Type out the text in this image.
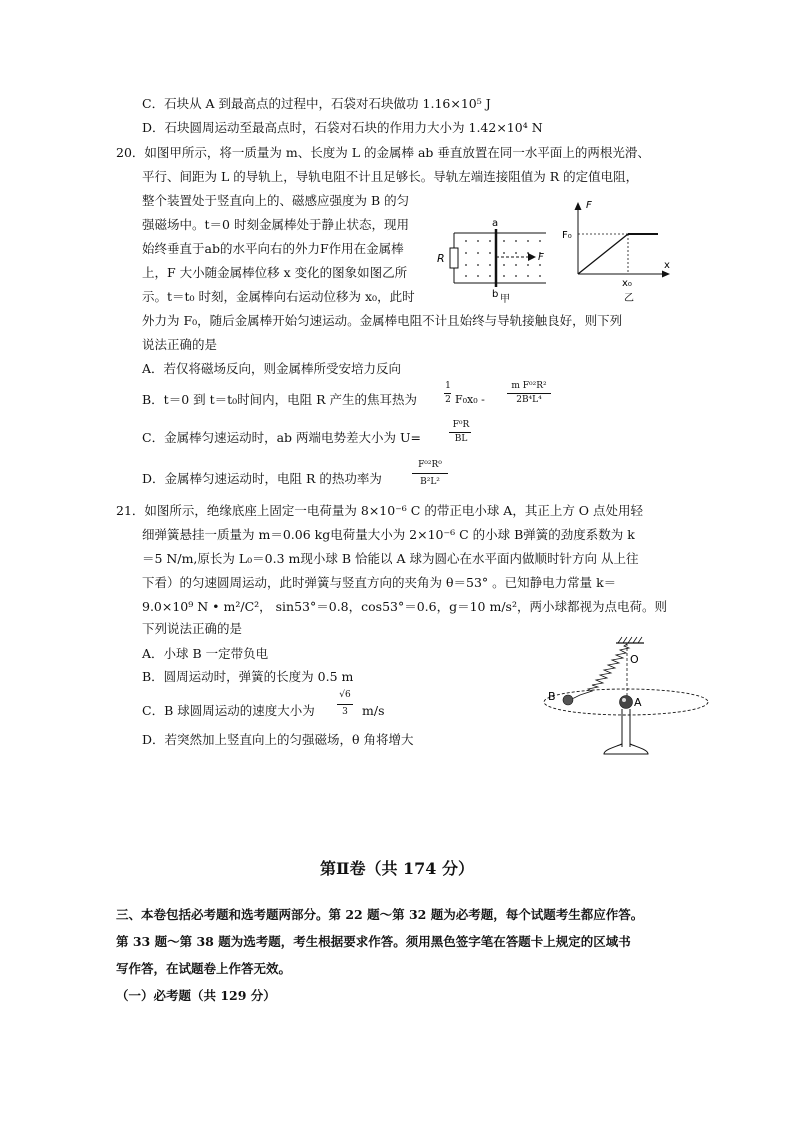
C．石块从 A 到最高点的过程中，石袋对石块做功 1.16×10⁵ J
D．石块圆周运动至最高点时，石袋对石块的作用力大小为 1.42×10⁴ N
20．如图甲所示，将一质量为 m、长度为 L 的金属棒 ab 垂直放置在同一水平面上的两根光滑、
平行、间距为 L 的导轨上，导轨电阻不计且足够长。导轨左端连接阻值为 R 的定值电阻，
整个装置处于竖直向上的、磁感应强度为 B 的匀
强磁场中。t＝0 时刻金属棒处于静止状态，现用
始终垂直于ab的水平向右的外力F作用在金属棒
上，F 大小随金属棒位移 x 变化的图象如图乙所
示。t＝t₀ 时刻，金属棒向右运动位移为 x₀，此时
外力为 F₀，随后金属棒开始匀速运动。金属棒电阻不计且始终与导轨接触良好，则下列
说法正确的是
a
b
R	F
甲
F
F₀
x
x₀
乙
A．若仅将磁场反向，则金属棒所受安培力反向
B．t＝0 到 t＝t₀时间内，电阻 R 产生的焦耳热为
1
2 F₀x₀ -
m F⁰²R²
2B⁴L⁴
C．金属棒匀速运动时，ab 两端电势差大小为 U=
F⁰R
BL
D．金属棒匀速运动时，电阻 R 的热功率为
F⁰²R⁰
B²L²
21．如图所示，绝缘底座上固定一电荷量为 8×10⁻⁶ C 的带正电小球 A，其正上方 O 点处用轻
细弹簧悬挂一质量为 m＝0.06 kg电荷量大小为 2×10⁻⁶ C 的小球 B弹簧的劲度系数为 k
＝5 N/m,原长为 L₀＝0.3 m现小球 B 恰能以 A 球为圆心在水平面内做顺时针方向 从上往
下看）的匀速圆周运动，此时弹簧与竖直方向的夹角为 θ＝53° 。已知静电力常量 k＝
9.0×10⁹ N • m²/C²， sin53°＝0.8，cos53°＝0.6，g＝10 m/s²，两小球都视为点电荷。则
下列说法正确的是
A．小球 B 一定带负电
B．圆周运动时，弹簧的长度为 0.5 m
C．B 球圆周运动的速度大小为
√6
3	m/s
D．若突然加上竖直向上的匀强磁场，θ 角将增大
O
A
B
第Ⅱ卷（共 174 分）
三、本卷包括必考题和选考题两部分。第 22 题～第 32 题为必考题，每个试题考生都应作答。
第 33 题～第 38 题为选考题，考生根据要求作答。须用黑色签字笔在答题卡上规定的区域书
写作答，在试题卷上作答无效。
（一）必考题（共 129 分）
